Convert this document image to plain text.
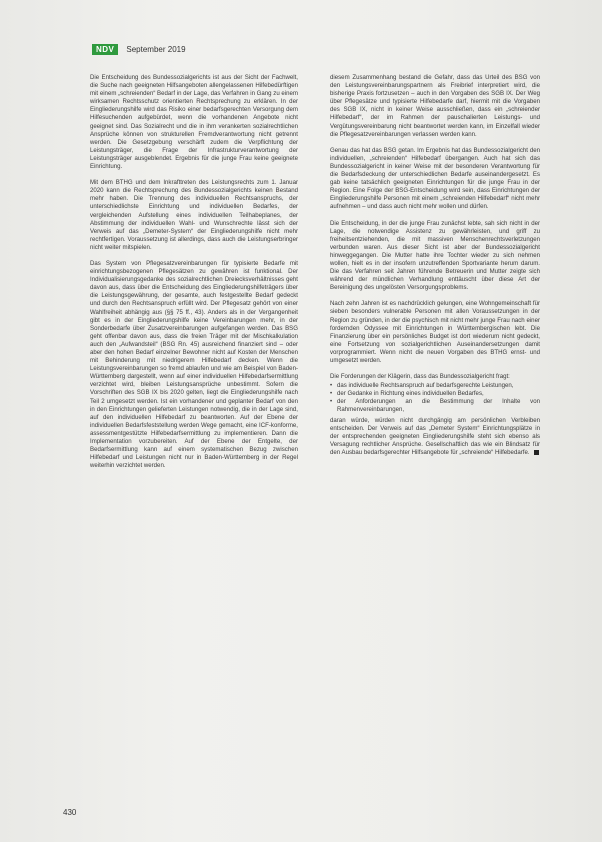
NDV	September 2019

Die Entscheidung des Bundessozialgerichts ist aus der Sicht der Fachwelt, die Suche nach geeigneten Hilfsangeboten allengelassenen Hilfebedürftigen mit einem „schreienden“ Bedarf in der Lage, das Verfahren in Gang zu einem wirksamen Rechtsschutz orientierten Rechtsprechung zu erklären. In der Eingliederungshilfe wird das Risiko einer bedarfsgerechten Versorgung dem Hilfesuchenden aufgebürdet, wenn die vorhandenen Angebote nicht geeignet sind. Das Sozialrecht und die in ihm verankerten sozialrechtlichen Ansprüche können von strukturellen Fremdverantwortung nicht getrennt werden. Die Gesetzgebung verschärft zudem die Verpflichtung der Leistungsträger, die Frage der Infrastrukturverantwortung der Leistungsträger ausgeblendet. Ergebnis für die junge Frau keine geeignete Einrichtung.

Mit dem BTHG und dem Inkrafttreten des Leistungsrechts zum 1. Januar 2020 kann die Rechtsprechung des Bundessozialgerichts keinen Bestand mehr haben. Die Trennung des individuellen Rechtsanspruchs, der unterschiedlichste Einrichtung und individuellen Bedarfes, der vergleichenden Aufstellung eines individuellen Teilhabeplanes, der Abstimmung der individuellen Wahl- und Wunschrechte lässt sich der Verweis auf das „Demeter-System“ der Eingliederungshilfe nicht mehr rechtfertigen. Voraussetzung ist allerdings, dass auch die Leistungserbringer nicht weiter mitspielen.

Das System von Pflegesatzvereinbarungen für typisierte Bedarfe mit einrichtungsbezogenen Pflegesätzen zu gewähren ist funktional. Der Individualisierungsgedanke des sozialrechtlichen Dreiecksverhältnisses geht davon aus, dass über die Entscheidung des Eingliederungshilfeträgers über die Leistungsgewährung, der gesamte, auch festgestellte Bedarf gedeckt und durch den Rechtsanspruch erfüllt wird. Der Pflegesatz gehört von einer Wahlfreiheit abhängig aus (§§ 75 ff., 43). Anders als in der Vergangenheit gibt es in der Eingliederungshilfe keine Vereinbarungen mehr, in der Sonderbedarfe über Zusatzvereinbarungen aufgefangen werden. Das BSG geht offenbar davon aus, dass die freien Träger mit der Mischkalkulation auch den „Aufwandsteil“ (BSG Rn. 45) ausreichend finanziert sind – oder aber den hohen Bedarf einzelner Bewohner nicht auf Kosten der Menschen mit Behinderung mit niedrigerem Hilfebedarf decken. Wenn die Leistungsvereinbarungen so fremd ablaufen und wie am Beispiel von Baden-Württemberg dargestellt, wenn auf einer individuellen Hilfebedarfsermittlung verzichtet wird, bleiben Leistungsansprüche unbestimmt. Sofern die Vorschriften des SGB IX bis 2020 gelten, liegt die Eingliederungshilfe nach Teil 2 umgesetzt werden. Ist ein vorhandener und geplanter Bedarf von den in den Einrichtungen gelieferten Leistungen notwendig, die in der Lage sind, auf den individuellen Hilfebedarf zu beantworten. Auf der Ebene der individuellen Bedarfsfeststellung werden Wege gemacht, eine ICF-konforme, assessmentgestützte Hilfebedarfsermittlung zu implementieren. Dann die Implementation vorzubereiten. Auf der Ebene der Entgelte, der Bedarfsermittlung kann auf einem systematischen Bezug zwischen Hilfebedarf und Leistungen nicht nur in Baden-Württemberg in der Regel weiterhin verzichtet werden.

diesem Zusammenhang bestand die Gefahr, dass das Urteil des BSG von den Leistungsvereinbarungspartnern als Freibrief interpretiert wird, die bisherige Praxis fortzusetzen – auch in den Vorgaben des SGB IX. Der Weg über Pflegesätze und typisierte Hilfebedarfe darf, hiermit mit die Vorgaben des SGB IX, nicht in keiner Weise ausschließen, dass ein „schreiender Hilfebedarf“, der im Rahmen der pauschalierten Leistungs- und Vergütungsvereinbarung nicht beantwortet werden kann, im Einzelfall wieder die Pflegesatzvereinbarungen verlassen werden kann.

Genau das hat das BSG getan. Im Ergebnis hat das Bundessozialgericht den individuellen, „schreienden“ Hilfebedarf übergangen. Auch hat sich das Bundessozialgericht in keiner Weise mit der besonderen Verantwortung für die Bedarfsdeckung der unterschiedlichen Bedarfe auseinandergesetzt. Es gab keine tatsächlich geeigneten Einrichtungen für die junge Frau in der Region. Eine Folge der BSG-Entscheidung wird sein, dass Einrichtungen der Eingliederungshilfe Personen mit einem „schreienden Hilfebedarf“ nicht mehr aufnehmen – und dass auch nicht mehr wollen und dürfen.

Die Entscheidung, in der die junge Frau zunächst lebte, sah sich nicht in der Lage, die notwendige Assistenz zu gewährleisten, und griff zu freiheitsentziehenden, die mit massiven Menschenrechtsverletzungen verbunden waren. Aus dieser Sicht ist aber der Bundessozialgericht hinweggegangen. Die Mutter hatte ihre Tochter wieder zu sich nehmen wollen, hielt es in der insofern unzutreffenden Sportvariante herum darum. Die das Verfahren seit Jahren führende Betreuerin und Mutter zeigte sich während der mündlichen Verhandlung enttäuscht über diese Art der Bereinigung des ungelösten Versorgungsproblems.

Nach zehn Jahren ist es nachdrücklich gelungen, eine Wohngemeinschaft für sieben besonders vulnerable Personen mit allen Voraussetzungen in der Region zu gründen, in der die psychisch mit nicht mehr junge Frau nach einer fordernden Odyssee mit Einrichtungen in Württembergischen lebt. Die Finanzierung über ein persönliches Budget ist dort wiederum nicht gedeckt, eine Fortsetzung von sozialgerichtlichen Auseinandersetzungen damit vorprogrammiert. Wenn nicht die neuen Vorgaben des BTHG ernst- und umgesetzt werden.

Die Forderungen der Klägerin, dass das Bundessozialgericht fragt:

• das individuelle Rechtsanspruch auf bedarfsgerechte Leistungen,
• der Gedanke in Richtung eines individuellen Bedarfes,
• der Anforderungen an die Bestimmung der Inhalte von Rahmenvereinbarungen,

daran würde, würden nicht durchgängig am persönlichen Verbleiben entscheiden. Der Verweis auf das „Demeter System“ Einrichtungsplätze in der entsprechenden geeigneten Eingliederungshilfe steht sich ebenso als Versagung rechtlicher Ansprüche. Gesellschaftlich das wie ein Blindsatz für den Ausbau bedarfsgerechter Hilfsangebote für „schreiende“ Hilfebedarfe.

430
